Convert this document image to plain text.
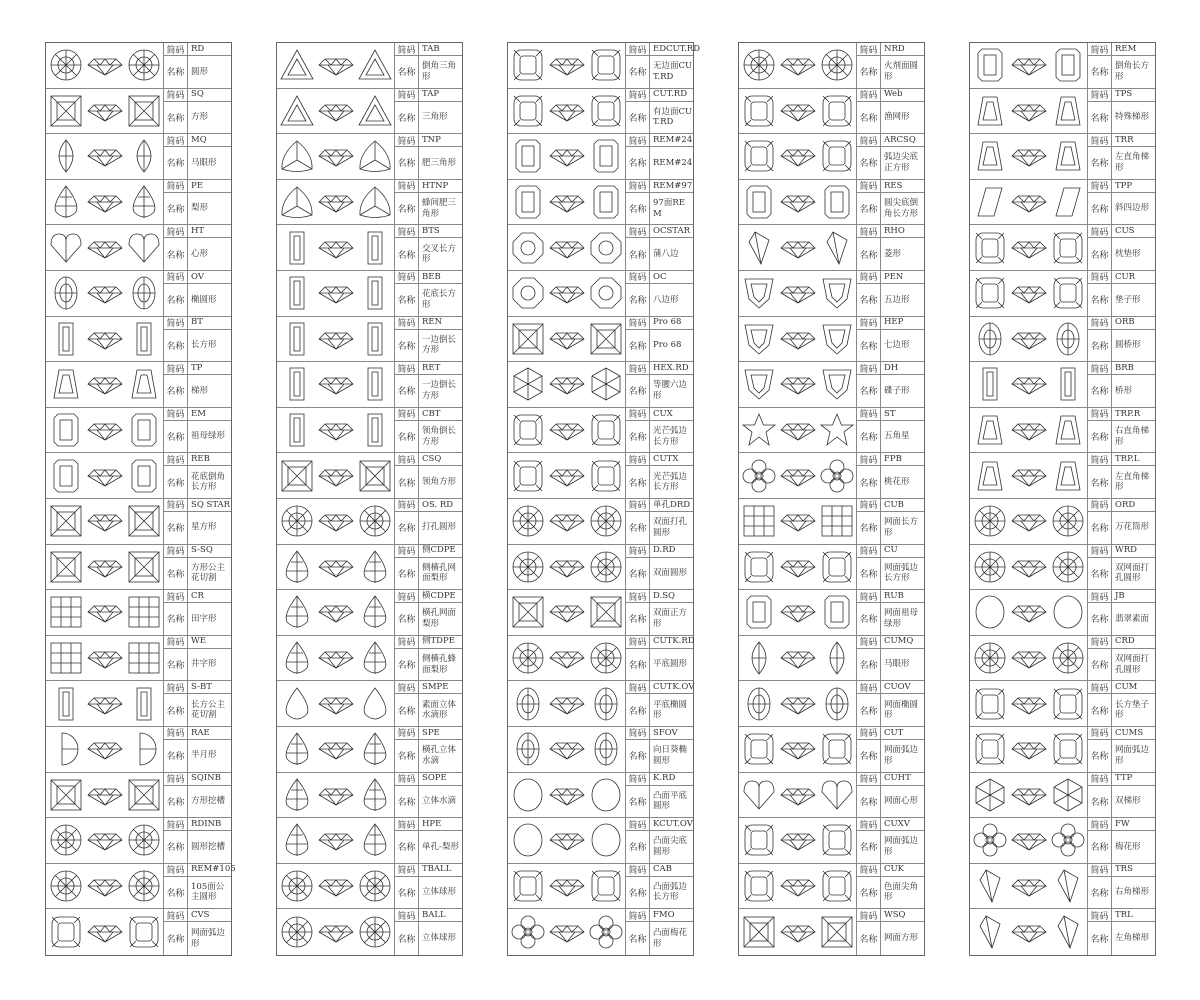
简码 RD
名称 圆形
简码 SQ
名称 方形
简码 MQ
名称 马眼形
简码 PE
名称 梨形
简码 HT
名称 心形
简码 OV
名称 椭圆形
简码 BT
名称 长方形
简码 TP
名称 梯形
简码 EM
名称 祖母绿形
简码 REB
名称
花底倒角长方形
简码 SQ STAR
名称 星方形
简码 S-SQ
名称
方形公主花切割
简码 CR
名称 田字形
简码 WE
名称 井字形
简码 S-BT
名称
长方公主花切割
简码 RAE
名称 半月形
简码 SQINB
名称 方形挖槽
简码 RDINB
名称 圆形挖槽
简码 REM#105
名称
105面公主圆形
简码 CVS
名称
网面弧边形
简码 TAB
名称
倒角三角形
简码 TAP
名称 三角形
简码 TNP
名称 肥三角形
简码 HTNP
名称
蜂间肥三角形
简码 BTS
名称
交叉长方形
简码 BEB
名称
花底长方形
简码 REN
名称
一边倒长方形
简码 RET
名称
一边倒长方形
简码 CBT
名称
领角倒长方形
简码 CSQ
名称 领角方形
简码 OS. RD
名称 打孔圆形
简码 侧CDPE
名称
侧横孔网面梨形
简码 横CDPE
名称
横孔网面梨形
简码 侧TDPE
名称
侧横孔蜂面梨形
简码 SMPE
名称
素面立体水滴形
简码 SPE
名称
横孔立体水滴
简码 SOPE
名称 立体水滴
简码 HPE
名称 单孔-梨形
简码 TBALL
名称 立体球形
简码 BALL
名称 立体球形
简码 EDCUT.RD
名称
无边面CUT.RD
简码 CUT.RD
名称
有边面CUT.RD
简码 REM#24
名称 REM#24
简码 REM#97
名称
97面REM
简码 OCSTAR
名称 蒲八边
简码 OC
名称 八边形
简码 Pro 68
名称 Pro 68
简码 HEX.RD
名称
等腰六边形
简码 CUX
名称
光芒弧边长方形
简码 CUTX
名称
光芒弧边长方形
简码 单孔DRD
名称
双面打孔圆形
简码 D.RD
名称 双面圆形
简码 D.SQ
名称
双面正方形
简码 CUTK.RD
名称 平底圆形
简码 CUTK.OV
名称
平底椭圆形
简码 SFOV
名称
向日葵椭圆形
简码 K.RD
名称
凸面平底圆形
简码 KCUT.OV
名称
凸面尖底圆形
简码 CAB
名称
凸面弧边长方形
简码 FMO
名称
凸面梅花形
简码 NRD
名称
火剂面圆形
简码 Web
名称 渔网形
简码 ARCSQ
名称
弧边尖底正方形
简码 RES
名称
圆尖底倒角长方形
简码 RHO
名称 菱形
简码 PEN
名称 五边形
简码 HEP
名称 七边形
简码 DH
名称 碟子形
简码 ST
名称 五角星
简码 FPB
名称 桃花形
简码 CUB
名称
网面长方形
简码 CU
名称
网面弧边长方形
简码 RUB
名称
网面祖母绿形
简码 CUMQ
名称 马眼形
简码 CUOV
名称
网面椭圆形
简码 CUT
名称
网面弧边形
简码 CUHT
名称 网面心形
简码 CUXV
名称
网面弧边形
简码 CUK
名称
色面尖角形
简码 WSQ
名称 网面方形
简码 REM
名称
倒角长方形
简码 TPS
名称 特殊梯形
简码 TRR
名称
左直角梯形
简码 TPP
名称 斜四边形
简码 CUS
名称 枕垫形
简码 CUR
名称 垫子形
简码 ORB
名称 圆桥形
简码 BRB
名称 桥形
简码 TRP.R
名称
右直角梯形
简码 TRP.L
名称
左直角梯形
简码 ORD
名称 万花筒形
简码 WRD
名称
双网面打孔圆形
简码 JB
名称 翡翠素面
简码 CRD
名称
双网面打孔圆形
简码 CUM
名称
长方垫子形
简码 CUMS
名称
网面弧边形
简码 TTP
名称 双梯形
简码 FW
名称 梅花形
简码 TRS
名称 右角梯形
简码 TRL
名称 左角梯形
